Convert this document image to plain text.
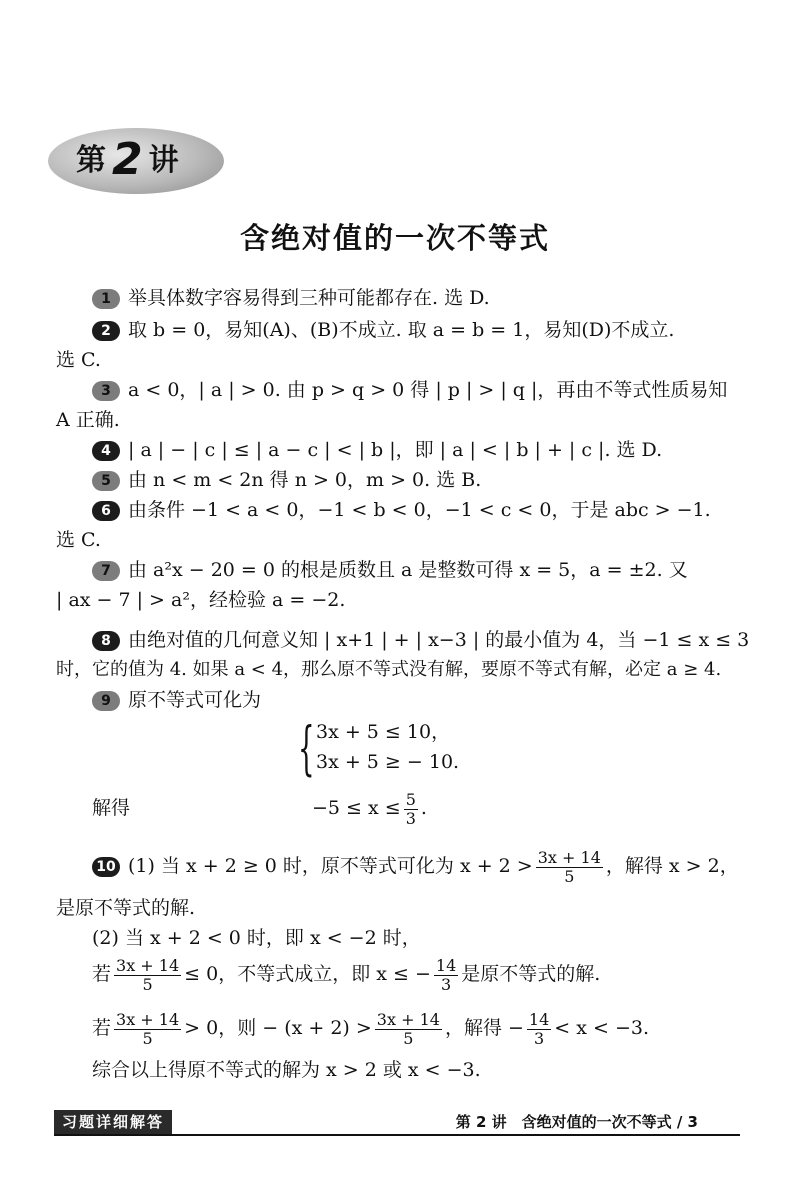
第 2 讲
含绝对值的一次不等式
1 举具体数字容易得到三种可能都存在. 选 D.
2 取 b = 0，易知(A)、(B)不成立. 取 a = b = 1，易知(D)不成立.
选 C.
3 a < 0，| a | > 0. 由 p > q > 0 得 | p | > | q |，再由不等式性质易知
A 正确.
4 | a | − | c | ≤ | a − c | < | b |，即 | a | < | b | + | c |. 选 D.
5 由 n < m < 2n 得 n > 0，m > 0. 选 B.
6 由条件 −1 < a < 0，−1 < b < 0，−1 < c < 0，于是 abc > −1.
选 C.
7 由 a²x − 20 = 0 的根是质数且 a 是整数可得 x = 5，a = ±2. 又
| ax − 7 | > a²，经检验 a = −2.
8 由绝对值的几何意义知 | x+1 | + | x−3 | 的最小值为 4，当 −1 ≤ x ≤ 3
时，它的值为 4. 如果 a < 4，那么原不等式没有解，要原不等式有解，必定 a ≥ 4.
9 原不等式可化为
{ 3x + 5 ≤ 10，
3x + 5 ≥ − 10.
解得	$-5 \le x \le \frac{5}{3}$ .
10 (1) 当 x + 2 ≥ 0 时，原不等式可化为 $x + 2 > \frac{3x + 14}{5}$ ，解得 x > 2，
是原不等式的解.
(2) 当 x + 2 < 0 时，即 x < −2 时，
若 $\frac{3x + 14}{5} \le 0$，不等式成立，即 x ≤ − $\frac{14}{3}$ 是原不等式的解.
若 $\frac{3x + 14}{5} > 0$，则 − $(x + 2) > \frac{3x + 14}{5}$ ，解得 − $\frac{14}{3} < x < -3$.
综合以上得原不等式的解为 x > 2 或 x < −3.
习题详细解答	第 2 讲　含绝对值的一次不等式 / 3
